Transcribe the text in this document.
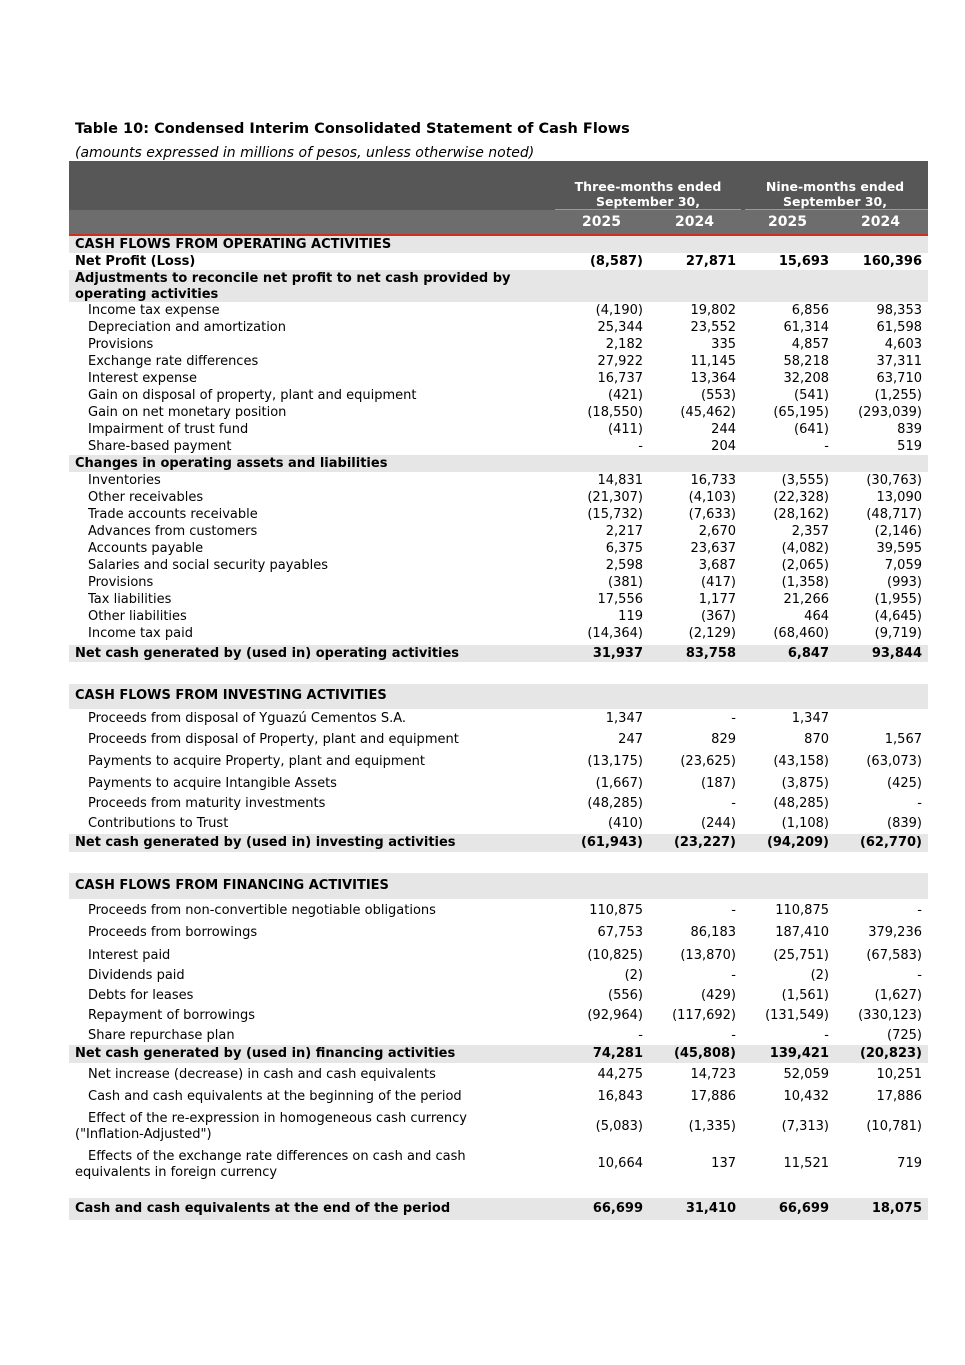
Table 10: Condensed Interim Consolidated Statement of Cash Flows
(amounts expressed in millions of pesos, unless otherwise noted)
Three-months ended
September 30,
Nine-months ended
September 30,
2025	2024	2025	2024
CASH FLOWS FROM OPERATING ACTIVITIES
Net Profit (Loss)	(8,587)	27,871	15,693	160,396
Adjustments to reconcile net profit to net cash provided by
operating activities
Income tax expense	(4,190)	19,802	6,856	98,353
Depreciation and amortization	25,344	23,552	61,314	61,598
Provisions	2,182	335	4,857	4,603
Exchange rate differences	27,922	11,145	58,218	37,311
Interest expense	16,737	13,364	32,208	63,710
Gain on disposal of property, plant and equipment	(421)	(553)	(541)	(1,255)
Gain on net monetary position	(18,550)	(45,462)	(65,195)	(293,039)
Impairment of trust fund	(411)	244	(641)	839
Share-based payment	-	204	-	519
Changes in operating assets and liabilities
Inventories	14,831	16,733	(3,555)	(30,763)
Other receivables	(21,307)	(4,103)	(22,328)	13,090
Trade accounts receivable	(15,732)	(7,633)	(28,162)	(48,717)
Advances from customers	2,217	2,670	2,357	(2,146)
Accounts payable	6,375	23,637	(4,082)	39,595
Salaries and social security payables	2,598	3,687	(2,065)	7,059
Provisions	(381)	(417)	(1,358)	(993)
Tax liabilities	17,556	1,177	21,266	(1,955)
Other liabilities	119	(367)	464	(4,645)
Income tax paid	(14,364)	(2,129)	(68,460)	(9,719)
Net cash generated by (used in) operating activities	31,937	83,758	6,847	93,844
CASH FLOWS FROM INVESTING ACTIVITIES
Proceeds from disposal of Yguazú Cementos S.A.	1,347	-	1,347
Proceeds from disposal of Property, plant and equipment	247	829	870	1,567
Payments to acquire Property, plant and equipment	(13,175)	(23,625)	(43,158)	(63,073)
Payments to acquire Intangible Assets	(1,667)	(187)	(3,875)	(425)
Proceeds from maturity investments	(48,285)	-	(48,285)	-
Contributions to Trust	(410)	(244)	(1,108)	(839)
Net cash generated by (used in) investing activities	(61,943)	(23,227)	(94,209)	(62,770)
CASH FLOWS FROM FINANCING ACTIVITIES
Proceeds from non-convertible negotiable obligations	110,875	-	110,875	-
Proceeds from borrowings	67,753	86,183	187,410	379,236
Interest paid	(10,825)	(13,870)	(25,751)	(67,583)
Dividends paid	(2)	-	(2)	-
Debts for leases	(556)	(429)	(1,561)	(1,627)
Repayment of borrowings	(92,964)	(117,692)	(131,549)	(330,123)
Share repurchase plan	-	-	-	(725)
Net cash generated by (used in) financing activities	74,281	(45,808)	139,421	(20,823)
Net increase (decrease) in cash and cash equivalents	44,275	14,723	52,059	10,251
Cash and cash equivalents at the beginning of the period	16,843	17,886	10,432	17,886
Effect of the re-expression in homogeneous cash currency
("Inflation-Adjusted")
(5,083)	(1,335)	(7,313)	(10,781)
Effects of the exchange rate differences on cash and cash
equivalents in foreign currency
10,664	137	11,521	719
Cash and cash equivalents at the end of the period	66,699	31,410	66,699	18,075
